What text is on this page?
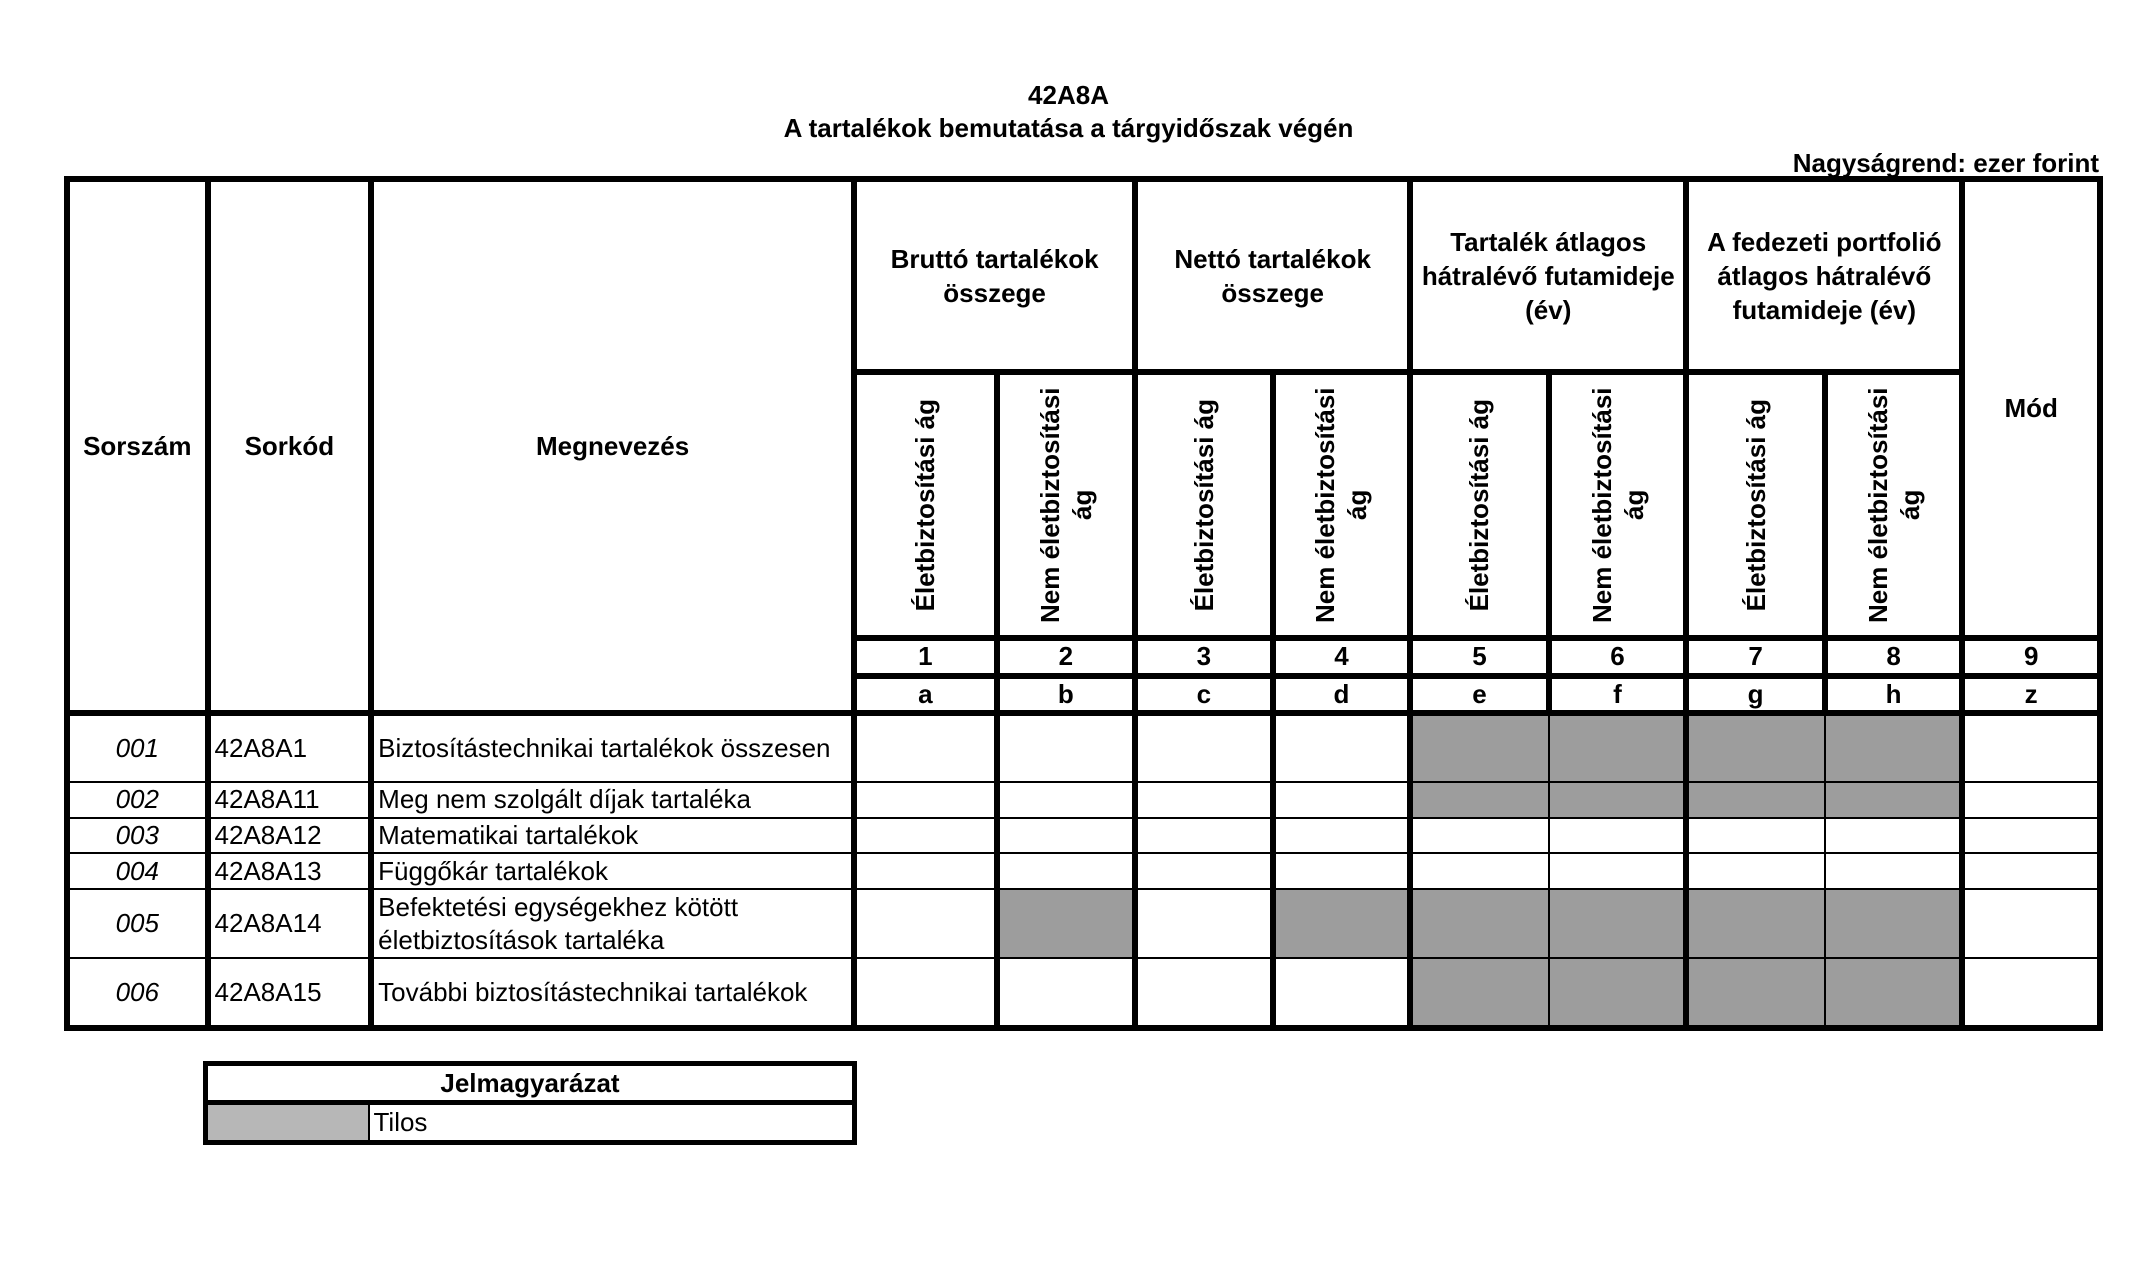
42A8A
A tartalékok bemutatása a tárgyidőszak végén
Nagyságrend: ezer forint
Sorszám	Sorkód	Megnevezés	Bruttó tartalékok összege		Nettó tartalékok összege		Tartalék átlagos hátralévő futamideje (év)		A fedezeti portfolió átlagos hátralévő futamideje (év)		Mód

			Életbiztosítási ág	Nem életbiztosítási ág	Életbiztosítási ág	Nem életbiztosítási ág	Életbiztosítási ág	Nem életbiztosítási ág	Életbiztosítási ág	Nem életbiztosítási ág	

			1	2	3	4	5	6	7	8	9
			a	b	c	d	e	f	g	h	z
001	42A8A1	Biztosítástechnikai tartalékok összesen									
002	42A8A11	Meg nem szolgált díjak tartaléka									
003	42A8A12	Matematikai tartalékok									
004	42A8A13	Függőkár tartalékok									
005	42A8A14	Befektetési egységekhez kötött életbiztosítások tartaléka									
006	42A8A15	További biztosítástechnikai tartalékok									
Jelmagyarázat
	Tilos
